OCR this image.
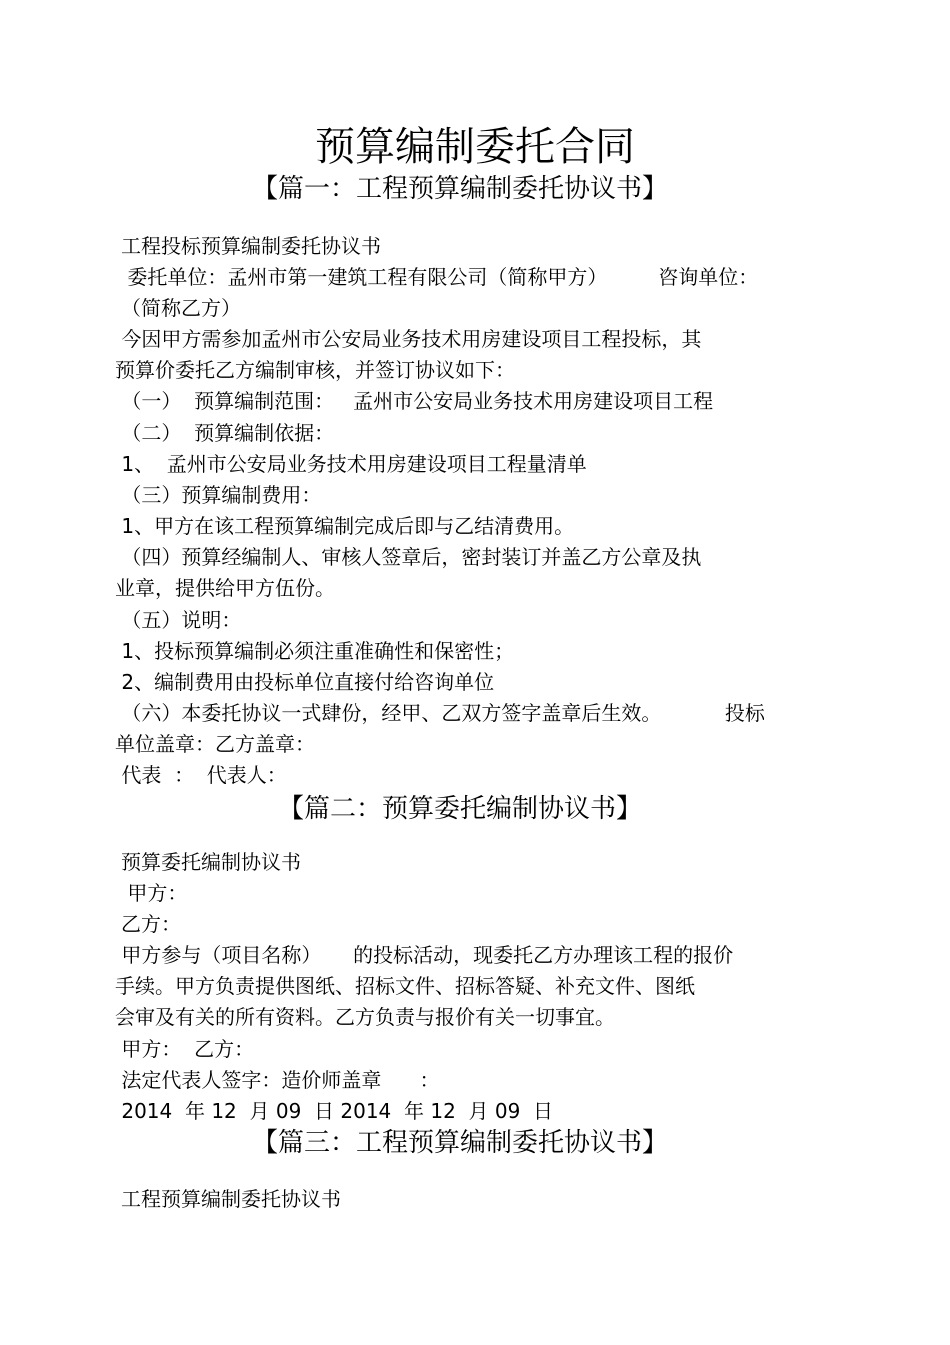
预算编制委托合同
【篇一：工程预算编制委托协议书】

工程投标预算编制委托协议书

委托单位：孟州市第一建筑工程有限公司（简称甲方）        咨询单位：

（简称乙方）

今因甲方需参加孟州市公安局业务技术用房建设项目工程投标，其

预算价委托乙方编制审核，并签订协议如下：

（一）  预算编制范围：   孟州市公安局业务技术用房建设项目工程

（二）  预算编制依据：

1、  孟州市公安局业务技术用房建设项目工程量清单

（三）预算编制费用：

1、甲方在该工程预算编制完成后即与乙结清费用。

（四）预算经编制人、审核人签章后，密封装订并盖乙方公章及执

业章，提供给甲方伍份。

（五）说明：

1、投标预算编制必须注重准确性和保密性；

2、编制费用由投标单位直接付给咨询单位

（六）本委托协议一式肆份，经甲、乙双方签字盖章后生效。          投标

单位盖章：乙方盖章：

代表  ：  代表人：

【篇二：预算委托编制协议书】

预算委托编制协议书

甲方：

乙方：

甲方参与（项目名称）     的投标活动，现委托乙方办理该工程的报价

手续。甲方负责提供图纸、招标文件、招标答疑、补充文件、图纸

会审及有关的所有资料。乙方负责与报价有关一切事宜。

甲方：  乙方：

法定代表人签字：造价师盖章      ：

2014  年 12  月 09  日 2014  年 12  月 09  日

【篇三：工程预算编制委托协议书】

工程预算编制委托协议书
